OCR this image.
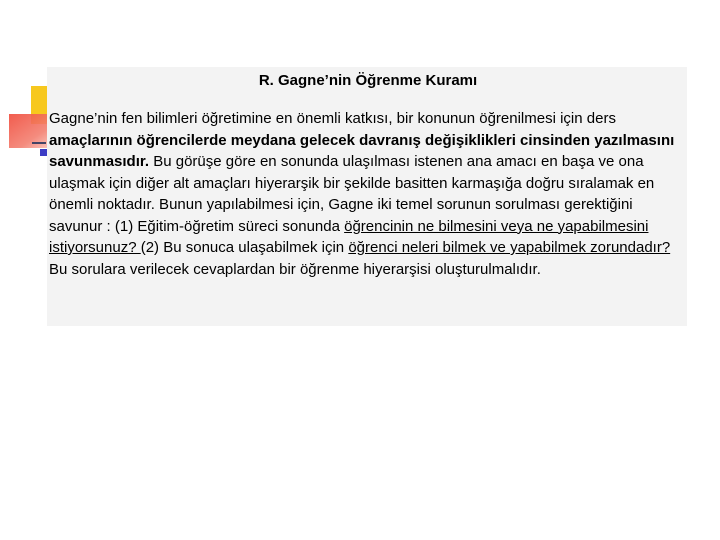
R. Gagne’nin Öğrenme Kuramı

Gagne’nin fen bilimleri öğretimine en önemli katkısı, bir konunun öğrenilmesi için ders amaçlarının öğrencilerde meydana gelecek davranış değişiklikleri cinsinden yazılmasını savunmasıdır. Bu görüşe göre en sonunda ulaşılması istenen ana amacı en başa ve ona ulaşmak için diğer alt amaçları hiyerarşik bir şekilde basitten karmaşığa doğru sıralamak en önemli noktadır. Bunun yapılabilmesi için, Gagne iki temel sorunun sorulması gerektiğini savunur : (1) Eğitim-öğretim süreci sonunda öğrencinin ne bilmesini veya ne yapabilmesini istiyorsunuz? (2) Bu sonuca ulaşabilmek için öğrenci neleri bilmek ve yapabilmek zorundadır? Bu sorulara verilecek cevaplardan bir öğrenme hiyerarşisi oluşturulmalıdır.
